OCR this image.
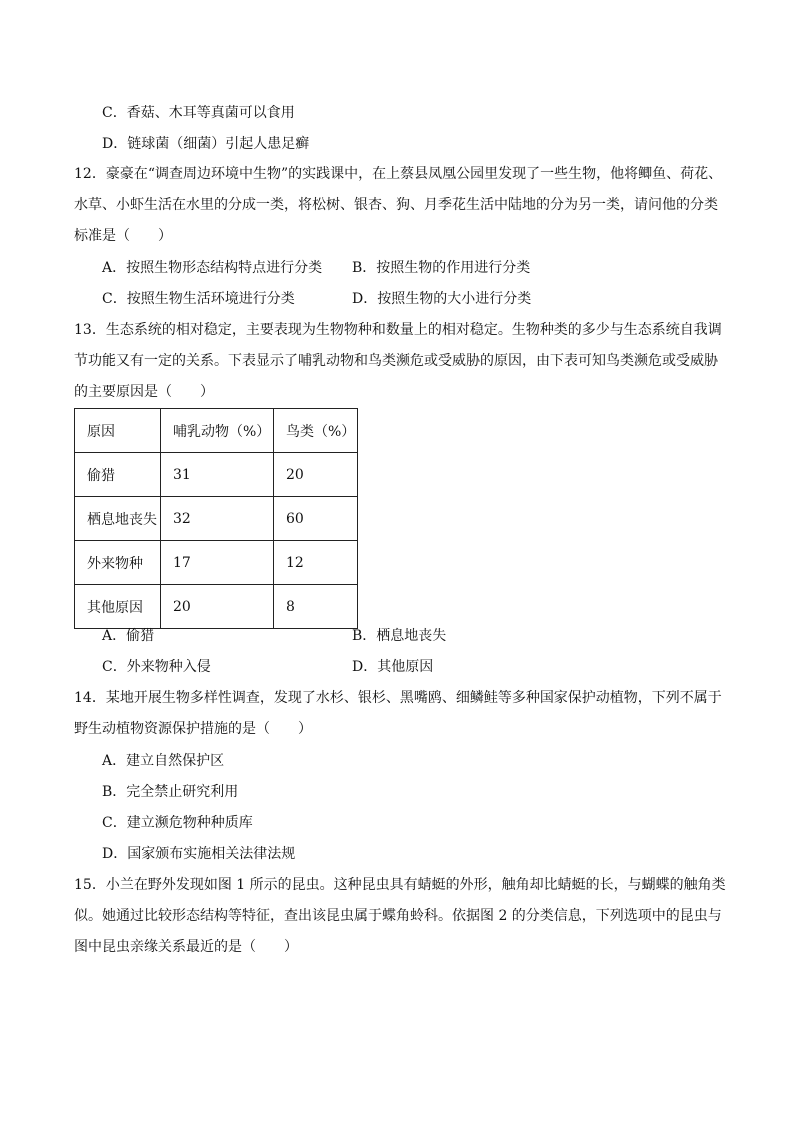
C．香菇、木耳等真菌可以食用
D．链球菌（细菌）引起人患足癣
12．豪豪在“调查周边环境中生物”的实践课中，在上蔡县凤凰公园里发现了一些生物，他将鲫鱼、荷花、
水草、小虾生活在水里的分成一类，将松树、银杏、狗、月季花生活中陆地的分为另一类，请问他的分类
标准是（　　）
A．按照生物形态结构特点进行分类 B．按照生物的作用进行分类
C．按照生物生活环境进行分类	D．按照生物的大小进行分类
13．生态系统的相对稳定，主要表现为生物物种和数量上的相对稳定。生物种类的多少与生态系统自我调
节功能又有一定的关系。下表显示了哺乳动物和鸟类濒危或受威胁的原因，由下表可知鸟类濒危或受威胁
的主要原因是（　　）
原因	哺乳动物（%）	鸟类（%）
偷猎	31	20
栖息地丧失	32	60
外来物种	17	12
其他原因	20	8
A．偷猎	B．栖息地丧失
C．外来物种入侵	D．其他原因
14．某地开展生物多样性调查，发现了水杉、银杉、黑嘴鸥、细鳞鲑等多种国家保护动植物，下列不属于
野生动植物资源保护措施的是（　　）
A．建立自然保护区
B．完全禁止研究利用
C．建立濒危物种种质库
D．国家颁布实施相关法律法规
15．小兰在野外发现如图 1 所示的昆虫。这种昆虫具有蜻蜓的外形，触角却比蜻蜓的长，与蝴蝶的触角类
似。她通过比较形态结构等特征，查出该昆虫属于蝶角蛉科。依据图 2 的分类信息，下列选项中的昆虫与
图中昆虫亲缘关系最近的是（　　）
